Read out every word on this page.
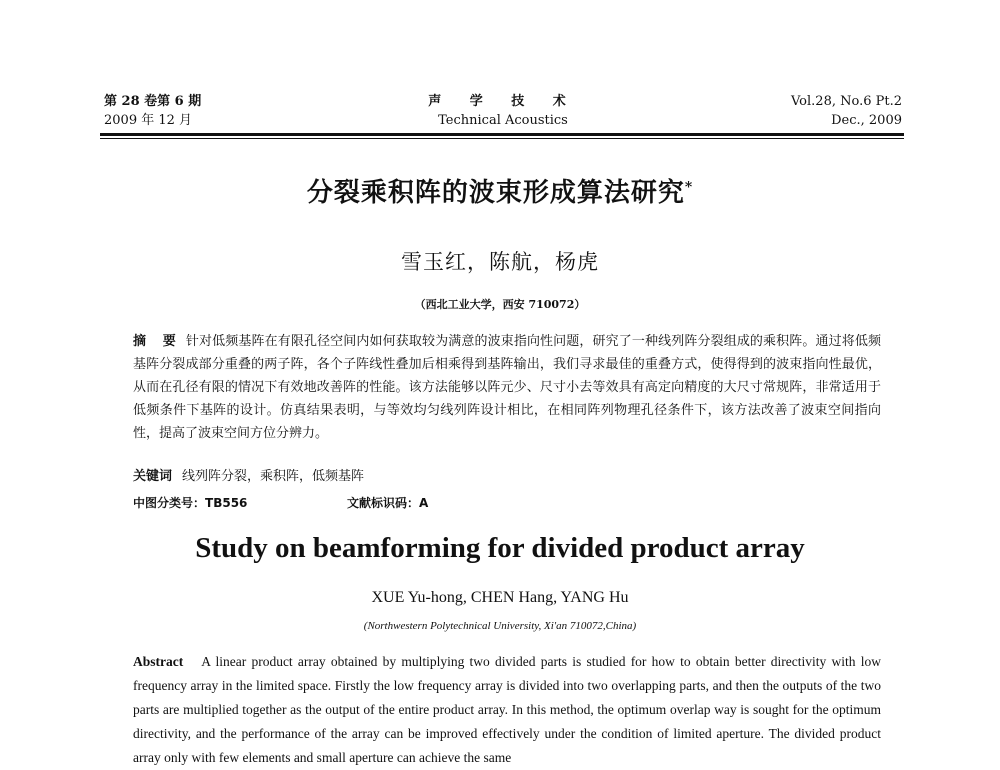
第 28 卷第 6 期
2009 年 12 月
声 学 技 术
Technical Acoustics
Vol.28, No.6 Pt.2
Dec., 2009
分裂乘积阵的波束形成算法研究*
雪玉红，陈航，杨虎
（西北工业大学，西安 710072）
摘 要 针对低频基阵在有限孔径空间内如何获取较为满意的波束指向性问题，研究了一种线列阵分裂组成的乘积阵。通过将低频基阵分裂成部分重叠的两子阵，各个子阵线性叠加后相乘得到基阵输出，我们寻求最佳的重叠方式，使得得到的波束指向性最优，从而在孔径有限的情况下有效地改善阵的性能。该方法能够以阵元少、尺寸小去等效具有高定向精度的大尺寸常规阵，非常适用于低频条件下基阵的设计。仿真结果表明，与等效均匀线列阵设计相比，在相同阵列物理孔径条件下，该方法改善了波束空间指向性，提高了波束空间方位分辨力。
关键词 线列阵分裂，乘积阵，低频基阵
中图分类号：TB556	文献标识码：A
Study on beamforming for divided product array
XUE Yu-hong, CHEN Hang, YANG Hu
(Northwestern Polytechnical University, Xi'an 710072,China)
Abstract A linear product array obtained by multiplying two divided parts is studied for how to obtain better directivity with low frequency array in the limited space. Firstly the low frequency array is divided into two overlapping parts, and then the outputs of the two parts are multiplied together as the output of the entire product array. In this method, the optimum overlap way is sought for the optimum directivity, and the performance of the array can be improved effectively under the condition of limited aperture. The divided product array only with few elements and small aperture can achieve the same
